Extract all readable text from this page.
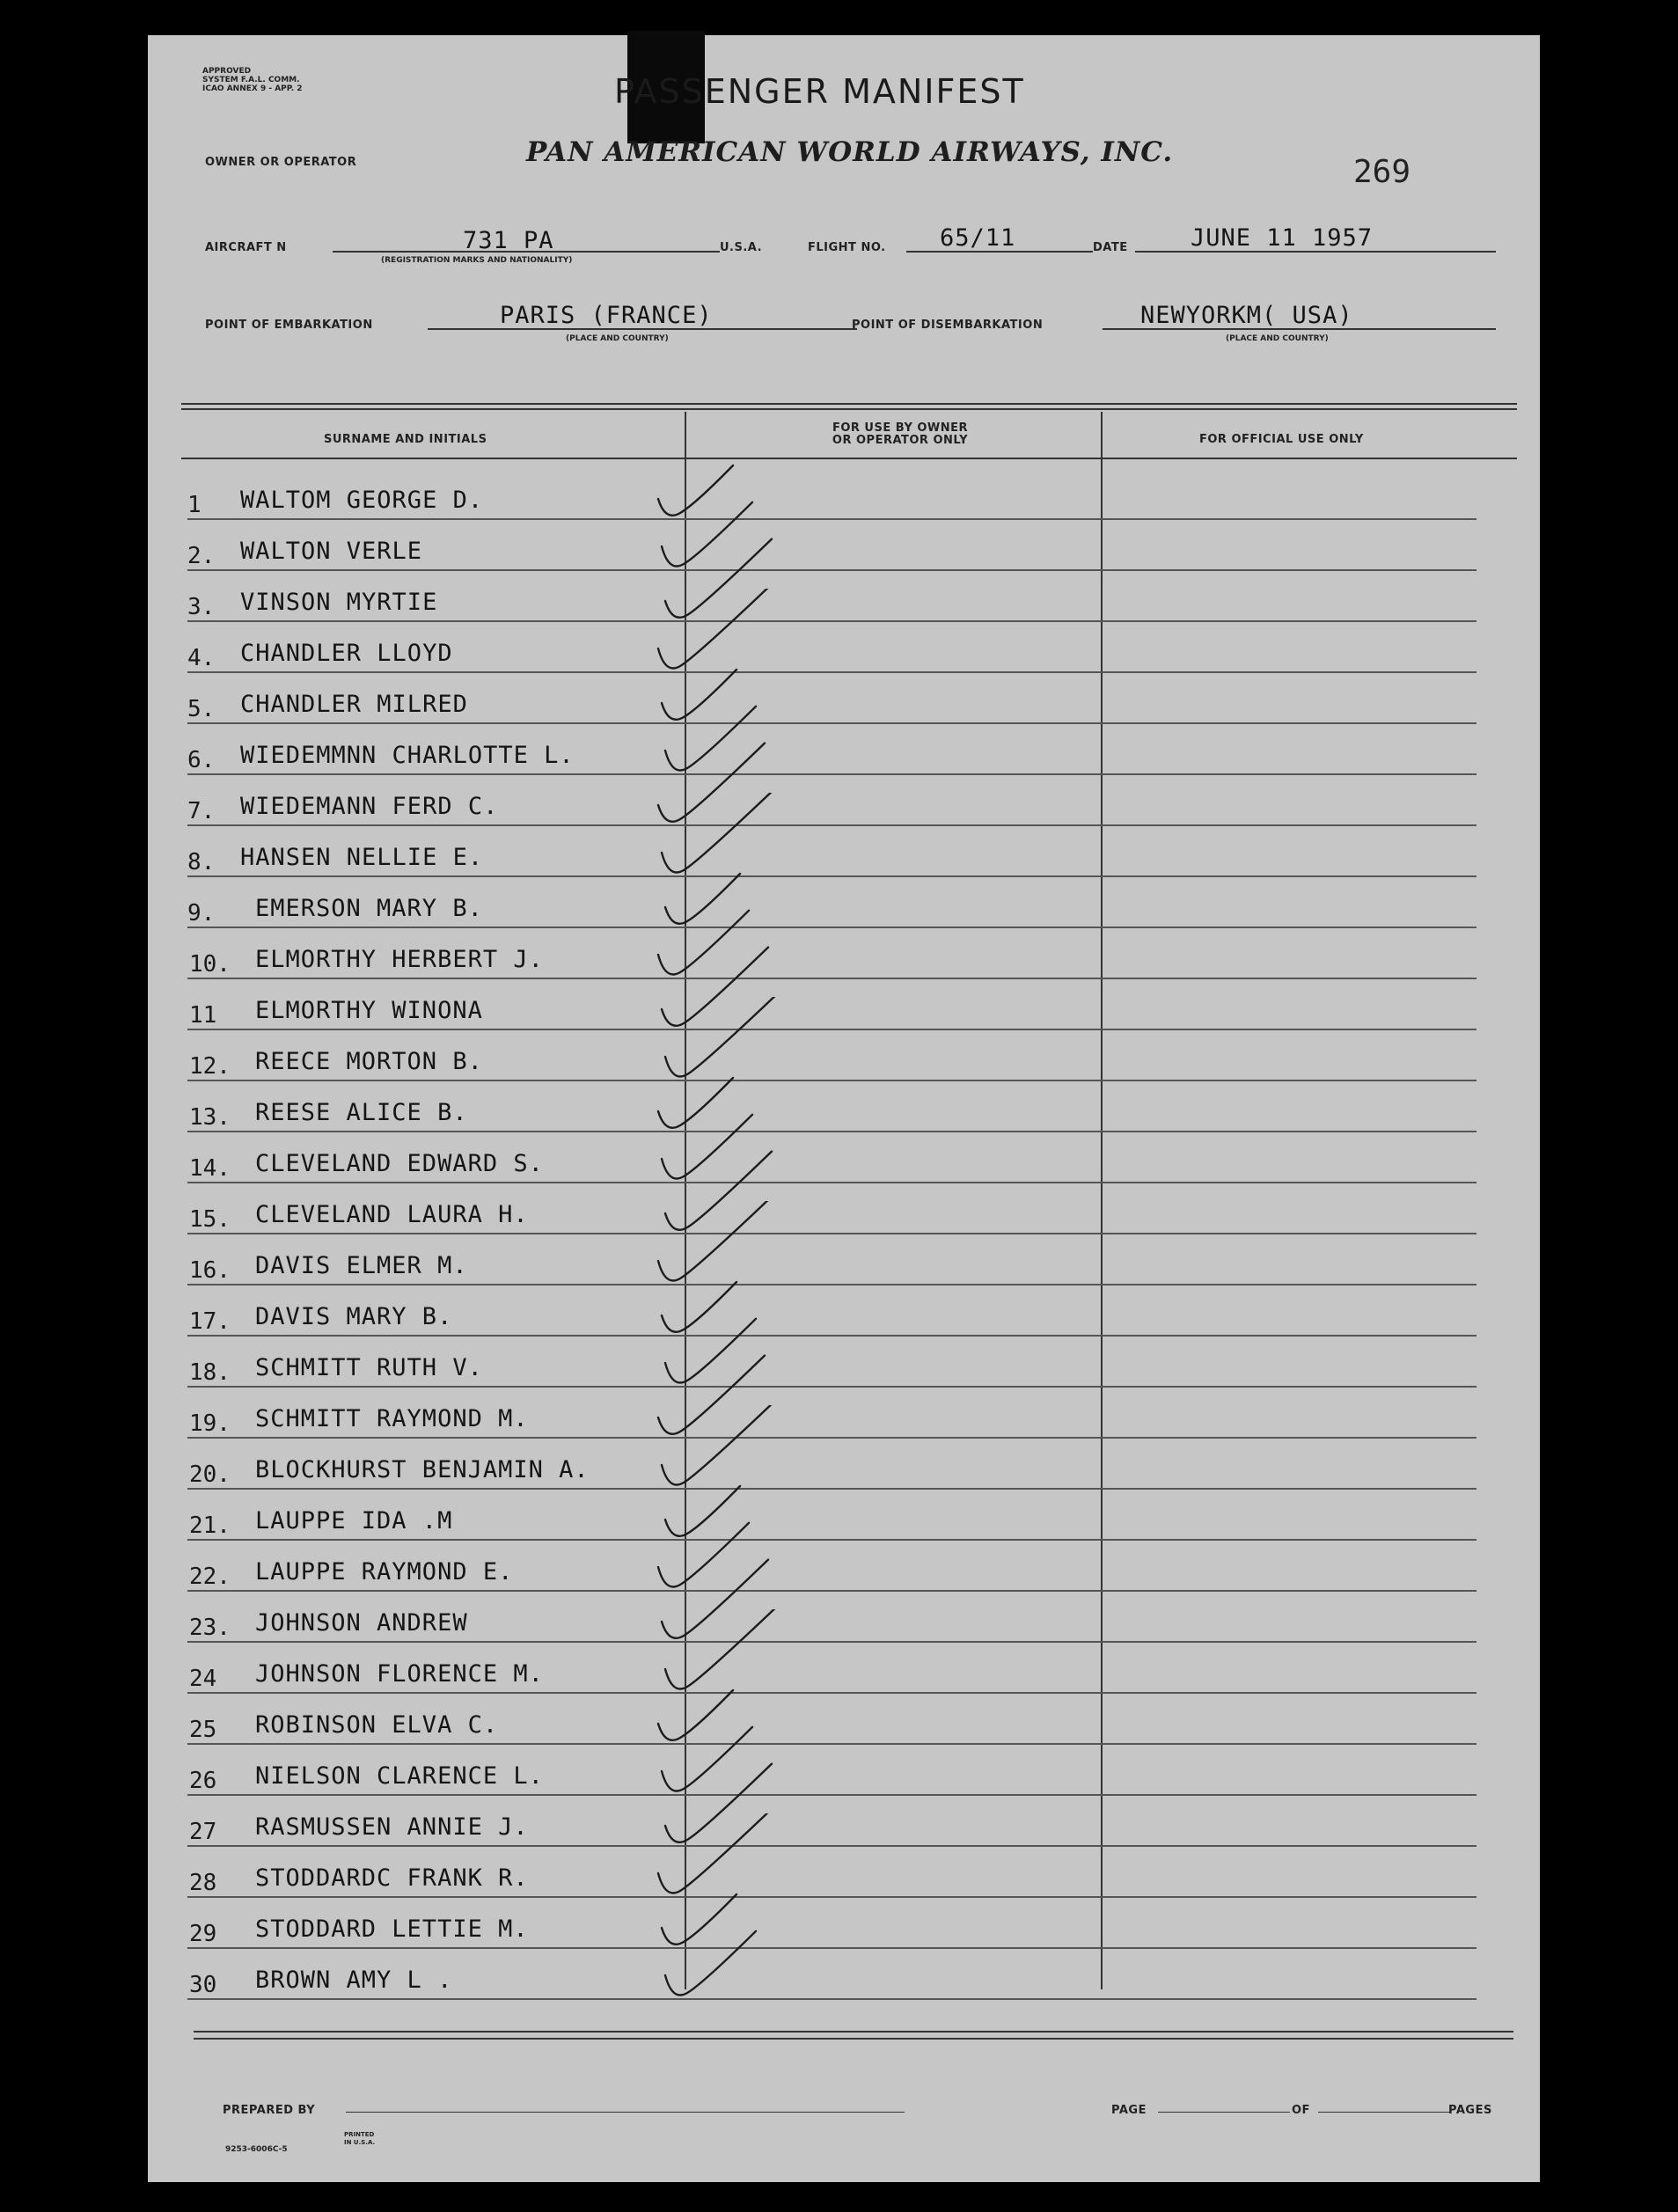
APPROVED
SYSTEM F.A.L. COMM.
ICAO ANNEX 9 - APP. 2	PASSENGER MANIFEST
OWNER OR OPERATOR	PAN AMERICAN WORLD AIRWAYS, INC.
269
AIRCRAFT N	731 PA
(REGISTRATION MARKS AND NATIONALITY)
U.S.A.	FLIGHT NO. 65/11	DATE	JUNE 11 1957
POINT OF EMBARKATION	PARIS (FRANCE)
(PLACE AND COUNTRY)
POINT OF DISEMBARKATION	NEWYORKM( USA)
(PLACE AND COUNTRY)
SURNAME AND INITIALS
FOR USE BY OWNER
OR OPERATOR ONLY	FOR OFFICIAL USE ONLY
1 WALTOM GEORGE D.
2. WALTON VERLE
3. VINSON MYRTIE
4. CHANDLER LLOYD
5. CHANDLER MILRED
6. WIEDEMMNN CHARLOTTE L.
7. WIEDEMANN FERD C.
8. HANSEN NELLIE E.
9. EMERSON MARY B.
10. ELMORTHY HERBERT J.
11 ELMORTHY WINONA
12. REECE MORTON B.
13. REESE ALICE B.
14. CLEVELAND EDWARD S.
15. CLEVELAND LAURA H.
16. DAVIS ELMER M.
17. DAVIS MARY B.
18. SCHMITT RUTH V.
19. SCHMITT RAYMOND M.
20. BLOCKHURST BENJAMIN A.
21. LAUPPE IDA .M
22. LAUPPE RAYMOND E.
23. JOHNSON ANDREW
24 JOHNSON FLORENCE M.
25 ROBINSON ELVA C.
26 NIELSON CLARENCE L.
27 RASMUSSEN ANNIE J.
28 STODDARDC FRANK R.
29 STODDARD LETTIE M.
30 BROWN AMY L .
PREPARED BY	PAGE	OF	PAGES
9253-6006C-5
PRINTED IN U.S.A.
